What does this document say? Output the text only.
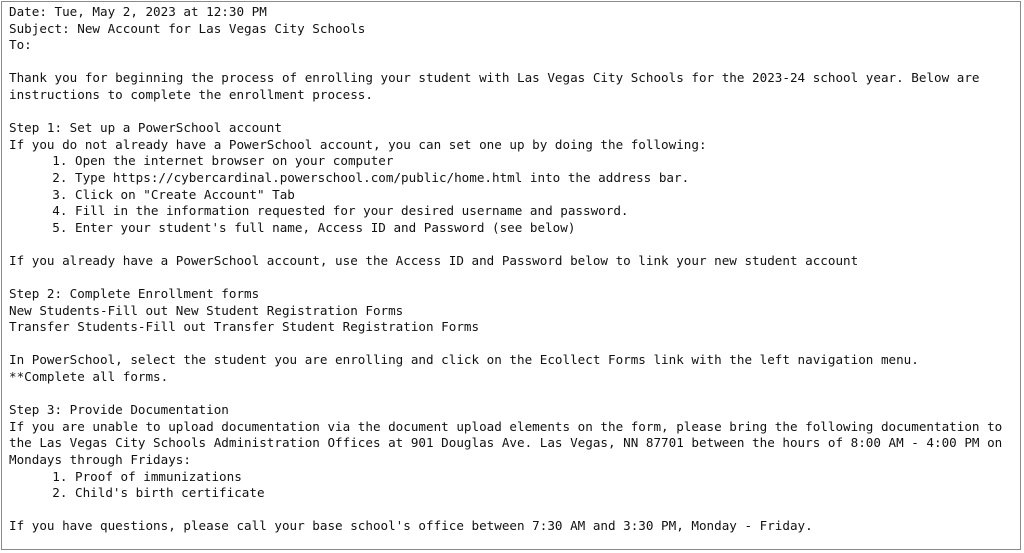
Date: Tue, May 2, 2023 at 12:30 PM
Subject: New Account for Las Vegas City Schools
To:
Thank you for beginning the process of enrolling your student with Las Vegas City Schools for the 2023-24 school year. Below are instructions to complete the enrollment process.
Step 1: Set up a PowerSchool account
If you do not already have a PowerSchool account, you can set one up by doing the following:
1. Open the internet browser on your computer
2. Type https://cybercardinal.powerschool.com/public/home.html into the address bar.
3. Click on "Create Account" Tab
4. Fill in the information requested for your desired username and password.
5. Enter your student's full name, Access ID and Password (see below)
If you already have a PowerSchool account, use the Access ID and Password below to link your new student account
Step 2: Complete Enrollment forms
New Students-Fill out New Student Registration Forms
Transfer Students-Fill out Transfer Student Registration Forms
In PowerSchool, select the student you are enrolling and click on the Ecollect Forms link with the left navigation menu.
**Complete all forms.
Step 3: Provide Documentation
If you are unable to upload documentation via the document upload elements on the form, please bring the following documentation to the Las Vegas City Schools Administration Offices at 901 Douglas Ave. Las Vegas, NN 87701 between the hours of 8:00 AM - 4:00 PM on Mondays through Fridays:
1. Proof of immunizations
2. Child's birth certificate
If you have questions, please call your base school's office between 7:30 AM and 3:30 PM, Monday - Friday.
